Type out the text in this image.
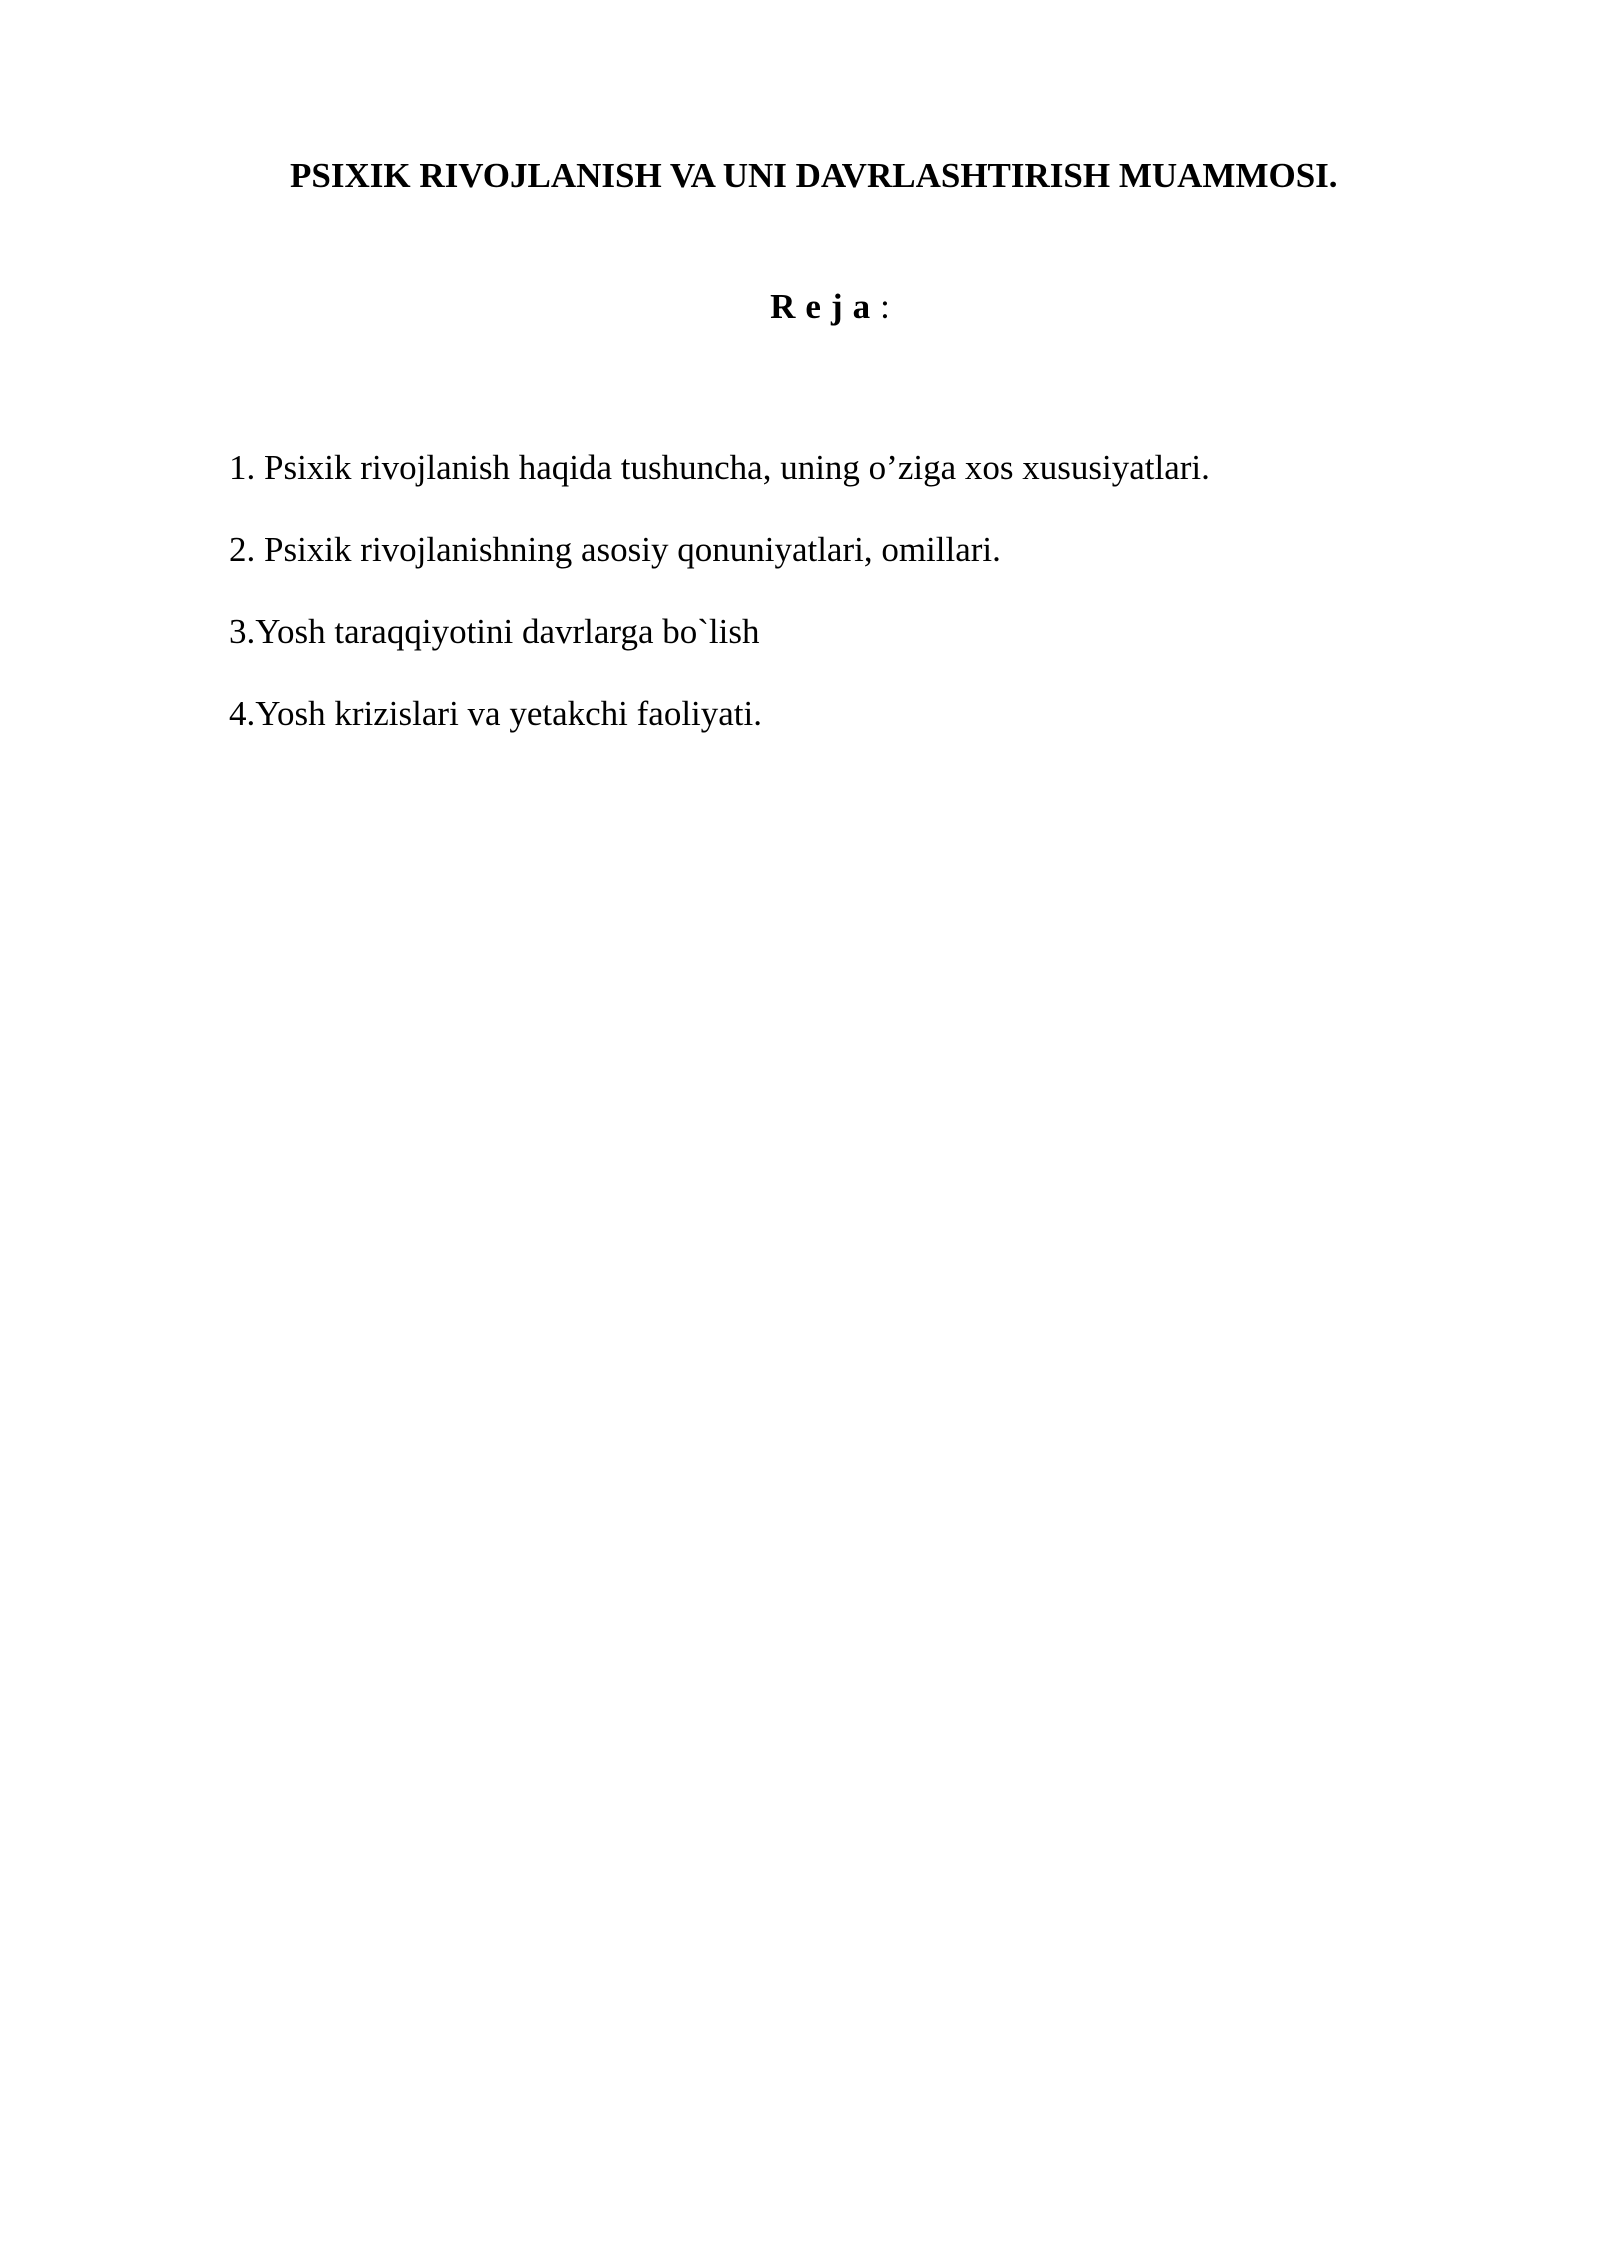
PSIXIK RIVOJLANISH VA UNI DAVRLASHTIRISH MUAMMOSI.

Reja:

1. Psixik rivojlanish haqida tushuncha, uning o’ziga xos xususiyatlari.
2. Psixik rivojlanishning asosiy qonuniyatlari, omillari.
3.Yosh taraqqiyotini davrlarga bo`lish
4.Yosh krizislari va yetakchi faoliyati.
